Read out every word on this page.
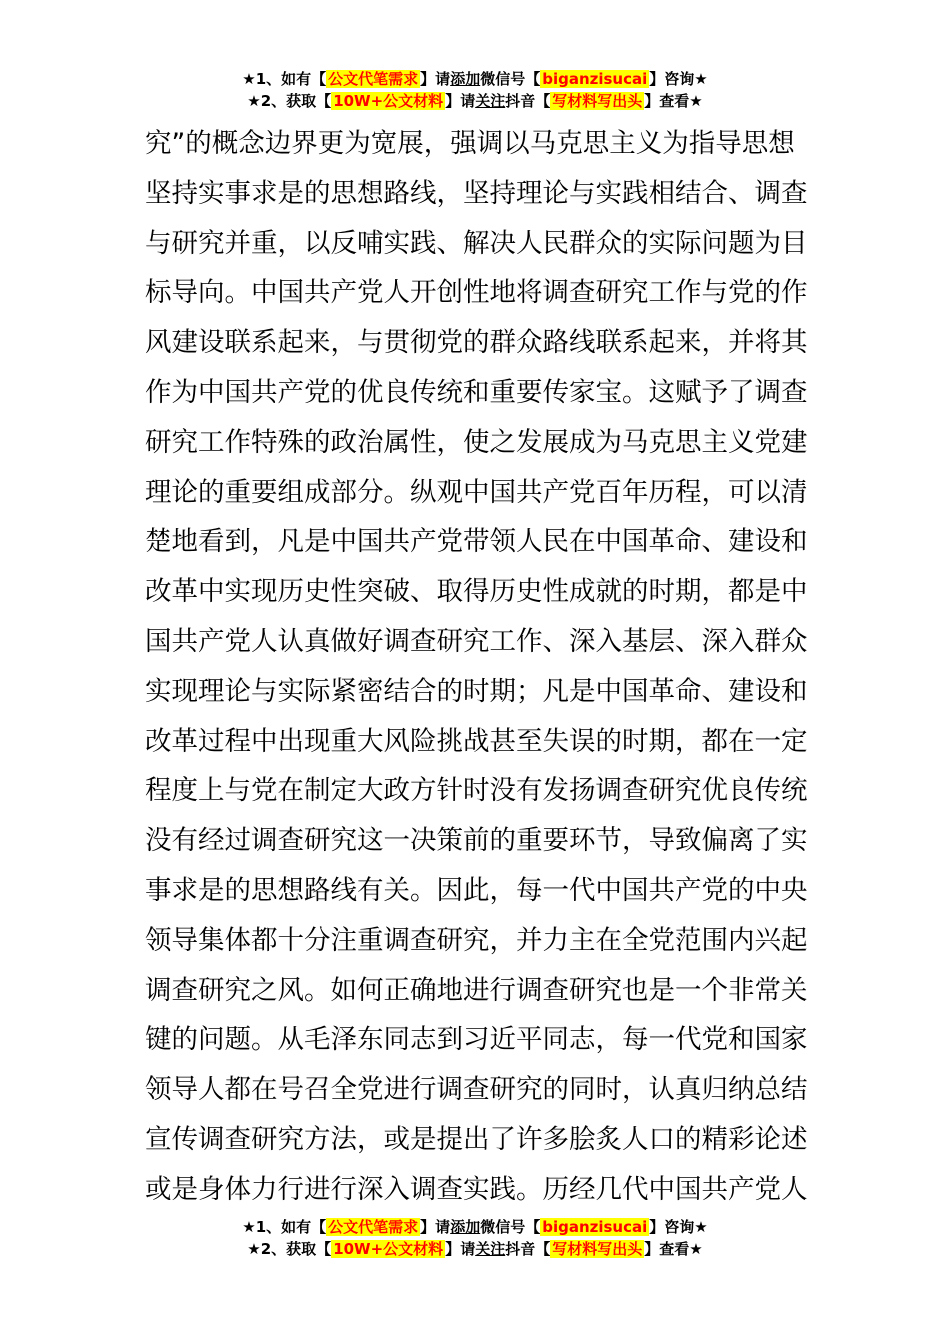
★1、如有【 公文代笔需求 】请添加微信号【 biganzisucai 】咨询★
★2、获取【 10W+公文材料 】请关注抖音【 写材料写出头 】查看★
究”的概念边界更为宽展，强调以马克思主义为指导思想
坚持实事求是的思想路线，坚持理论与实践相结合、调查
与研究并重，以反哺实践、解决人民群众的实际问题为目
标导向。中国共产党人开创性地将调查研究工作与党的作
风建设联系起来，与贯彻党的群众路线联系起来，并将其
作为中国共产党的优良传统和重要传家宝。这赋予了调查
研究工作特殊的政治属性，使之发展成为马克思主义党建
理论的重要组成部分。纵观中国共产党百年历程，可以清
楚地看到，凡是中国共产党带领人民在中国革命、建设和
改革中实现历史性突破、取得历史性成就的时期，都是中
国共产党人认真做好调查研究工作、深入基层、深入群众
实现理论与实际紧密结合的时期；凡是中国革命、建设和
改革过程中出现重大风险挑战甚至失误的时期，都在一定
程度上与党在制定大政方针时没有发扬调查研究优良传统
没有经过调查研究这一决策前的重要环节，导致偏离了实
事求是的思想路线有关。因此，每一代中国共产党的中央
领导集体都十分注重调查研究，并力主在全党范围内兴起
调查研究之风。如何正确地进行调查研究也是一个非常关
键的问题。从毛泽东同志到习近平同志，每一代党和国家
领导人都在号召全党进行调查研究的同时，认真归纳总结
宣传调查研究方法，或是提出了许多脍炙人口的精彩论述
或是身体力行进行深入调查实践。历经几代中国共产党人
★1、如有【 公文代笔需求 】请添加微信号【 biganzisucai 】咨询★
★2、获取【 10W+公文材料 】请关注抖音【 写材料写出头 】查看★
